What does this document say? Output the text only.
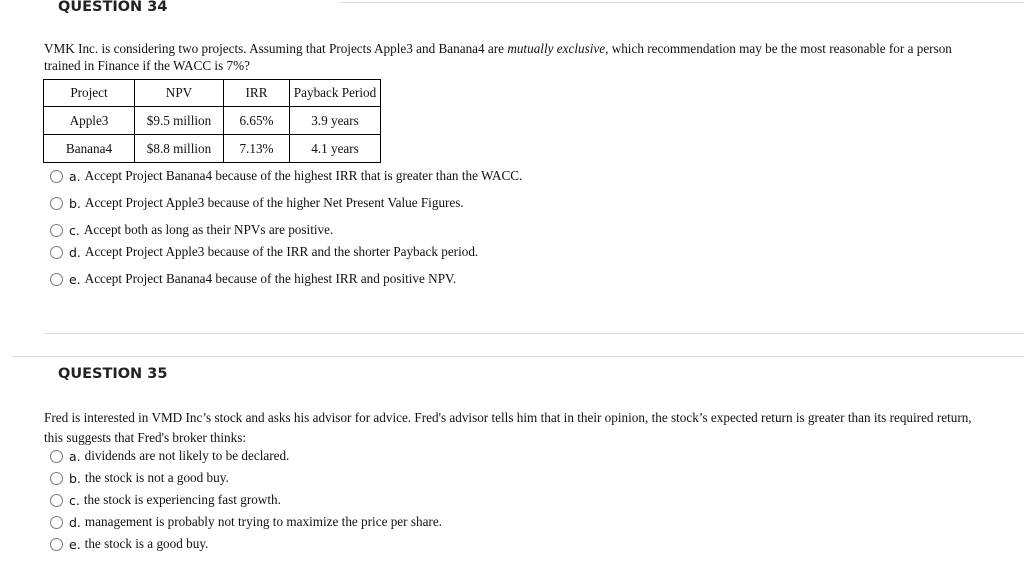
QUESTION 34
VMK Inc. is considering two projects. Assuming that Projects Apple3 and Banana4 are mutually exclusive, which recommendation may be the most reasonable for a person trained in Finance if the WACC is 7%?
Project	NPV	IRR	Payback Period
Apple3	$9.5 million	6.65%	3.9 years
Banana4	$8.8 million	7.13%	4.1 years
a. Accept Project Banana4 because of the highest IRR that is greater than the WACC.
b. Accept Project Apple3 because of the higher Net Present Value Figures.
c. Accept both as long as their NPVs are positive.
d. Accept Project Apple3 because of the IRR and the shorter Payback period.
e. Accept Project Banana4 because of the highest IRR and positive NPV.
QUESTION 35
Fred is interested in VMD Inc’s stock and asks his advisor for advice. Fred's advisor tells him that in their opinion, the stock’s expected return is greater than its required return, this suggests that Fred's broker thinks:
a. dividends are not likely to be declared.
b. the stock is not a good buy.
c. the stock is experiencing fast growth.
d. management is probably not trying to maximize the price per share.
e. the stock is a good buy.
